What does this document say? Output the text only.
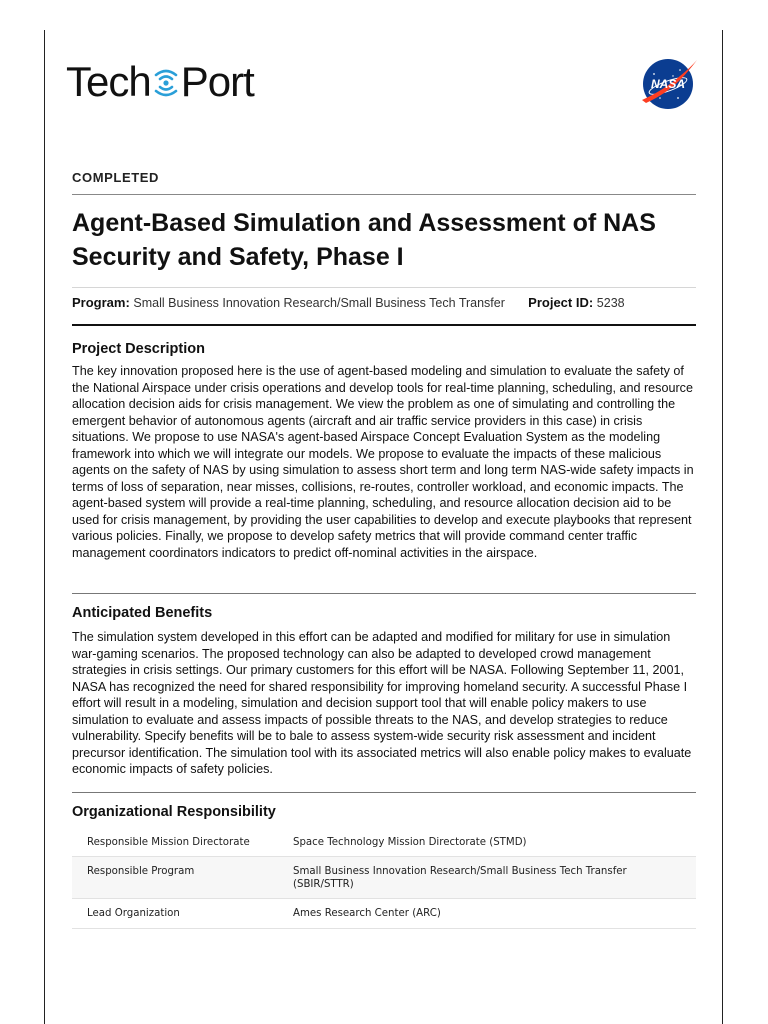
Tech Port	NASA
COMPLETED
Agent-Based Simulation and Assessment of NAS Security and Safety, Phase I
Program: Small Business Innovation Research/Small Business Tech Transfer Project ID: 5238
Project Description

The key innovation proposed here is the use of agent-based modeling and simulation to evaluate the safety of the National Airspace under crisis operations and develop tools for real-time planning, scheduling, and resource allocation decision aids for crisis management. We view the problem as one of simulating and controlling the emergent behavior of autonomous agents (aircraft and air traffic service providers in this case) in crisis situations. We propose to use NASA's agent-based Airspace Concept Evaluation System as the modeling framework into which we will integrate our models. We propose to evaluate the impacts of these malicious agents on the safety of NAS by using simulation to assess short term and long term NAS-wide safety impacts in terms of loss of separation, near misses, collisions, re-routes, controller workload, and economic impacts. The agent-based system will provide a real-time planning, scheduling, and resource allocation decision aid to be used for crisis management, by providing the user capabilities to develop and execute playbooks that represent various policies. Finally, we propose to develop safety metrics that will provide command center traffic management coordinators indicators to predict off-nominal activities in the airspace.

Anticipated Benefits

The simulation system developed in this effort can be adapted and modified for military for use in simulation war-gaming scenarios. The proposed technology can also be adapted to developed crowd management strategies in crisis settings. Our primary customers for this effort will be NASA. Following September 11, 2001, NASA has recognized the need for shared responsibility for improving homeland security. A successful Phase I effort will result in a modeling, simulation and decision support tool that will enable policy makers to use simulation to evaluate and assess impacts of possible threats to the NAS, and develop strategies to reduce vulnerability. Specify benefits will be to bale to assess system-wide security risk assessment and incident precursor identification. The simulation tool with its associated metrics will also enable policy makes to evaluate economic impacts of safety policies.

Organizational Responsibility
Responsible Mission Directorate	Space Technology Mission Directorate (STMD)
Responsible Program	Small Business Innovation Research/Small Business Tech Transfer (SBIR/STTR)
Lead Organization	Ames Research Center (ARC)
